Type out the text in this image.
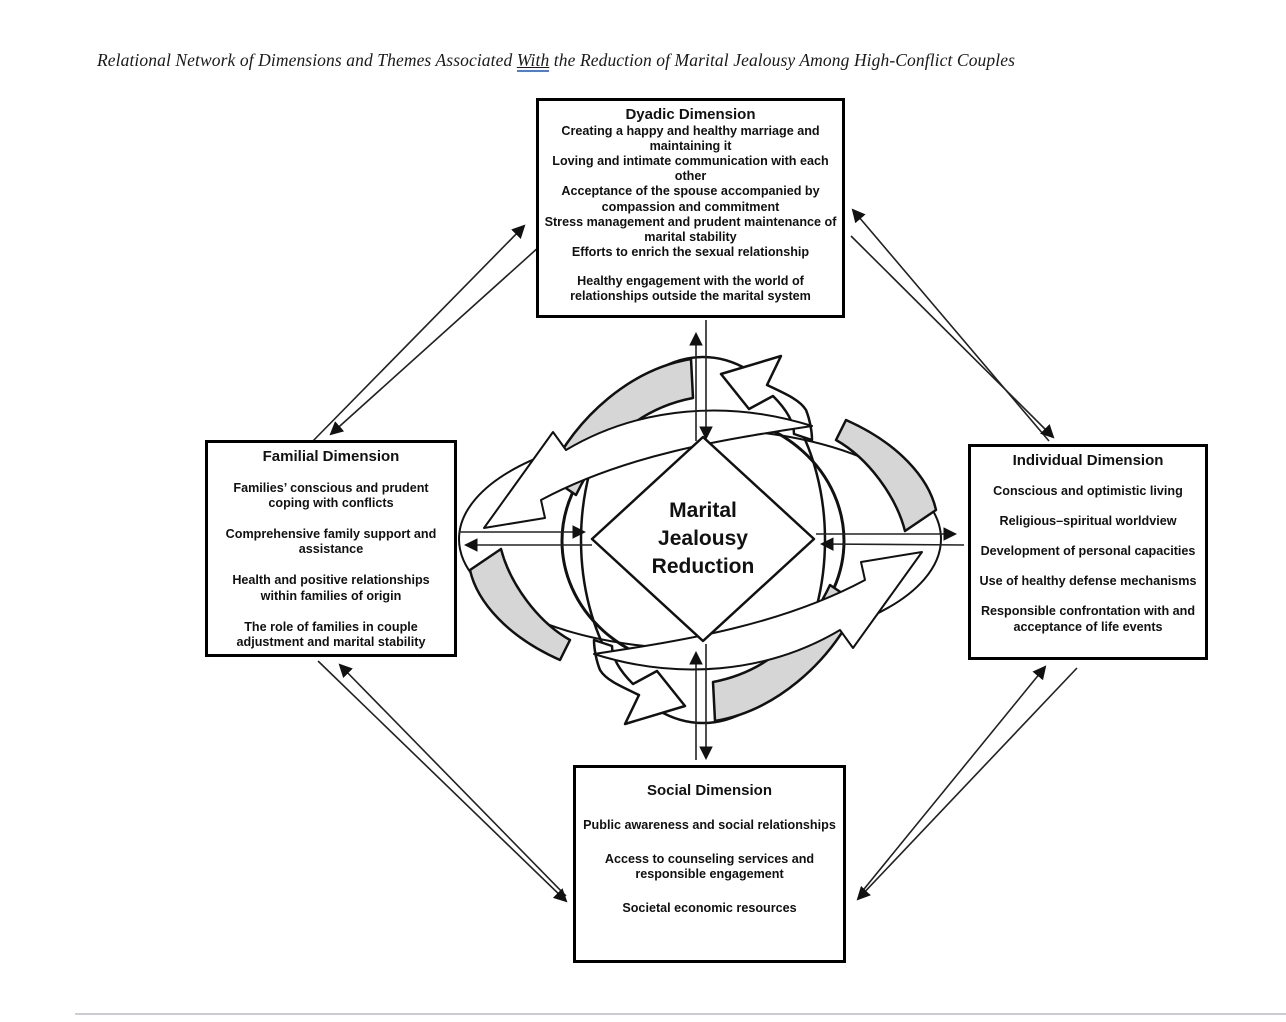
Relational Network of Dimensions and Themes Associated With the Reduction of Marital Jealousy Among High-Conflict Couples
Marital
Jealousy
Reduction
Dyadic Dimension
Creating a happy and healthy marriage and maintaining it
Loving and intimate communication with each other
Acceptance of the spouse accompanied by compassion and commitment
Stress management and prudent maintenance of marital stability
Efforts to enrich the sexual relationship
Healthy engagement with the world of relationships outside the marital system
Familial Dimension
Families’ conscious and prudent coping with conflicts
Comprehensive family support and assistance
Health and positive relationships within families of origin
The role of families in couple adjustment and marital stability
Individual Dimension
Conscious and optimistic living
Religious–spiritual worldview
Development of personal capacities
Use of healthy defense mechanisms
Responsible confrontation with and acceptance of life events
Social Dimension
Public awareness and social relationships
Access to counseling services and responsible engagement
Societal economic resources
